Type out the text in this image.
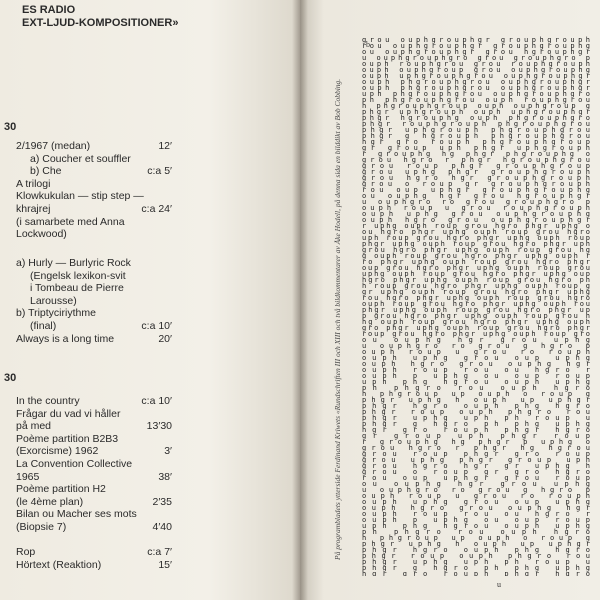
ES RADIO
EXT-LJUD-KOMPOSITIONER»
30
30
2/1967 (medan)	12′
a) Coucher et souffler
b) Che	c:a 5′
A trilogi
Klowkukulan — stip step —
khrajrej	c:a 24′
(i samarbete med Anna
Lockwood)
a) Hurly — Burlyric Rock
(Engelsk lexikon-svit
i Tombeau de Pierre
Larousse)
b) Triptyciriythme
(final)	c:a 10′
Always is a long time	20′
In the country	c:a 10′
Frågar du vad vi håller
på med	13′30
Poème partition B2B3
(Exorcisme) 1962	3′
La Convention Collective
1965	38′
Poème partition H2
(le 4ème plan)	2′35
Bilan ou Macher ses mots
(Biopsie 7)	4′40
Rop	c:a 7′
Hörtext (Reaktion)	15′
b
u
På programbladets ytterside Ferdinand Kriwets «Rundschriften III och XIII och två bildkommentarer av Åke Hodell, på denna sida en bilddikt av Bob Cobbing.
grou ouphgrouphgr grouphgrouph
rou ouphgrouphgr grouphgrouphg
ou ouphgrouphgr grou hgrouphgr
u ouphgrouphgro grou grouphgro p
ouph rouphgrou grou rouphgrouph
ouph ouphgroup grou ouphgrouphg
ouph uphgrouphgrou ouphgrouphgr
ouph phgrouphgrou ouphgrouphgr
ouph phgrouphgrou ouphgrouphgr
uph phgrouphgrou ouphgrouphgro
ph phgrouphgrou ouph rouphgrou
h phgrouphgroup ouph ouphgroup g
phgr uphgrouph ouph uphgrouphgr
phgr hgrouphg ouph phgrouphgro
phgr rouphgrouph phgrouphgrou
phgr uphgrouph phgrouphgrou
phgr g hgrouph phgrouphgrou
hgr gro rouph phgrouphgroup
gr group uph phgr uphgrouph
r grouphg hg phgr phgrouphg o
grou hgro r phgr hgrouphgrou
grou roup phgr grouphgroup
grou uphg phgr grouphgrouph
grou hgro hgr grouphgrouph
grou o roup gr grouphgrouph
rou oup uphgr grouphgrouphg
ou ouphg hgr grou hgrouphgr
u ouphgro ro grou grouphgro p
ouph roup u grou rouphgrouph
ouph uphg grou ouphgrouphg
ouph hgro grou ouphgrouphgr
r uphg ouph roup grou hgro phgr uphg o
ou hgro phgr uphg ouph roup grou hgro
uph roup grou hgro phgr uphg ouph roup
phgr uphg ouph roup grou hgro phgr uph
grou hgro phgr uphg ouph roup grou hg
g ouph roup grou hgro phgr uphg ouph r
ro phgr uphg ouph roup grou hgro phgr
oup grou hgro phgr uphg ouph roup grou
uphg ouph roup grou hgro phgr uphg oup
hgro phgr uphg ouph roup grou hgro ph
h roup grou hgro phgr uphg ouph roup g
gr uphg ouph roup grou hgro phgr uphg
rou hgro phgr uphg ouph roup grou hgro
ouph roup grou hgro phgr uphg ouph rou
phgr uphg ouph roup grou hgro phgr up
p grou hgro phgr uphg ouph roup grou h
hg ouph roup grou hgro phgr uphg ouph
gro phgr uphg ouph roup grou hgro phgr
roup grou hgro phgr uphg ouph roup gro
ou ouphg hgr grou uphg
u ouphgro ro grou g hgro p
ouph roup u grou ro rouph
ouph uphg grou oup uphg
ouph hgro grou ouphg hgr
ouph roup rou ou hgro r
ouph p uphg ou oup roup
uph phg hgrou ouph uphg
ph phgro rou ouph hgro
h phgroup up ouph o roup g
phgr uphg h ouph up uphgr
phgr hgro ouph phg hgro
phgr roup ouph phgro rou
phgr uphg uph ph roup u
phgr g hgro ph phg uphg
hgr gro rouph phgr hgro
gr group uph phgr roup
r grouphg hg phgr p uphg o
grou hgro r phgr hg hgrou
grou roup phgr gro roup
grou uphg phgr group uph
grou hgro hgr gr uphg h
grou o roup gr gro hgro
rou oup uphgr grou roup
ou ouphg hgr grou uphg
u ouphgro ro grou g hgro p
ouph roup u grou ro rouph
ouph uphg grou oup uphg
ouph hgro grou ouphg hgr
ouph roup rou ou hgro r
ouph p uphg ou oup roup
uph phg hgrou ouph uphg
ph phgro rou ouph hgro
h phgroup up ouph o roup g
phgr uphg h ouph up uphgr
phgr hgro ouph phg hgro
phgr roup ouph phgro rou
phgr uphg uph ph roup u
phgr g hgro ph phg uphg
hgr gro rouph phgr hgro
